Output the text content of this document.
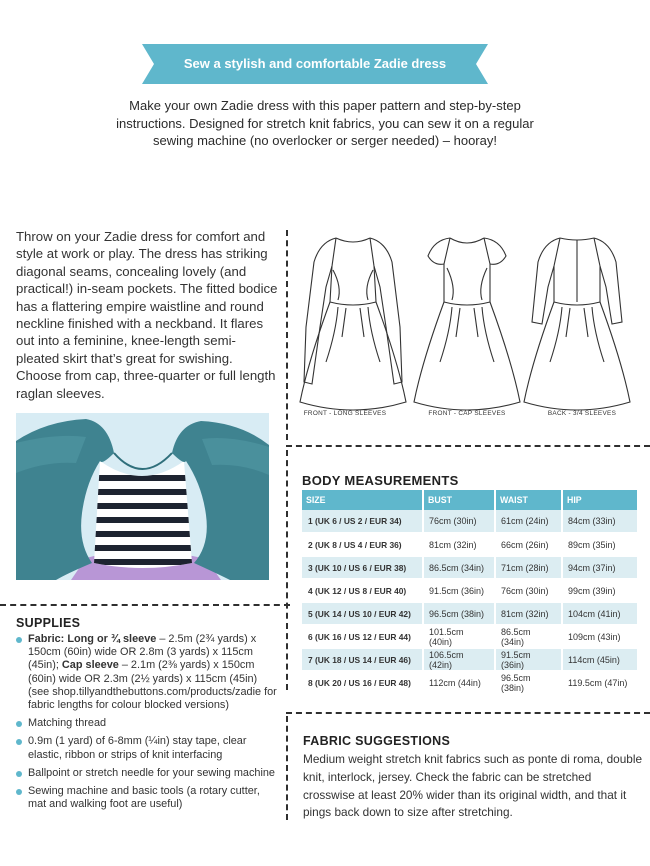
Sew a stylish and comfortable Zadie dress

Make your own Zadie dress with this paper pattern and step-by-step

instructions. Designed for stretch knit fabrics, you can sew it on a regular

sewing machine (no overlocker or serger needed) – hooray!

Throw on your Zadie dress for comfort and style at work or play. The dress has striking diagonal seams, concealing lovely (and practical!) in-seam pockets. The fitted bodice has a flattering empire waistline and round neckline finished with a neckband. It flares out into a feminine, knee-length semi-pleated skirt that’s great for swishing. Choose from cap, three-quarter or full length raglan sleeves.
FRONT - LONG SLEEVES	FRONT - CAP SLEEVES	BACK - 3/4 SLEEVES
BODY MEASUREMENTS
SIZE	BUST	WAIST	HIP
1 (UK 6 / US 2 / EUR 34)	76cm (30in)	61cm (24in)	84cm (33in)
2 (UK 8 / US 4 / EUR 36)	81cm (32in)	66cm (26in)	89cm (35in)
3 (UK 10 / US 6 / EUR 38)	86.5cm (34in)	71cm (28in)	94cm (37in)
4 (UK 12 / US 8 / EUR 40)	91.5cm (36in)	76cm (30in)	99cm (39in)
5 (UK 14 / US 10 / EUR 42)	96.5cm (38in)	81cm (32in)	104cm (41in)
6 (UK 16 / US 12 / EUR 44)	101.5cm (40in)	86.5cm (34in)	109cm (43in)
7 (UK 18 / US 14 / EUR 46)	106.5cm (42in)	91.5cm (36in)	114cm (45in)
8 (UK 20 / US 16 / EUR 48)	112cm (44in)	96.5cm (38in)	119.5cm (47in)
SUPPLIES
Fabric: Long or ¾ sleeve – 2.5m (2¾ yards) x 150cm (60in) wide OR 2.8m (3 yards) x 115cm (45in); Cap sleeve – 2.1m (2⅜ yards) x 150cm (60in) wide OR 2.3m (2½ yards) x 115cm (45in) (see shop.tillyandthebuttons.com/products/zadie for fabric lengths for colour blocked versions)
Matching thread
0.9m (1 yard) of 6-8mm (¼in) stay tape, clear elastic, ribbon or strips of knit interfacing
Ballpoint or stretch needle for your sewing machine
Sewing machine and basic tools (a rotary cutter, mat and walking foot are useful)
FABRIC SUGGESTIONS
Medium weight stretch knit fabrics such as ponte di roma, double knit, interlock, jersey. Check the fabric can be stretched crosswise at least 20% wider than its original width, and that it pings back down to size after stretching.
